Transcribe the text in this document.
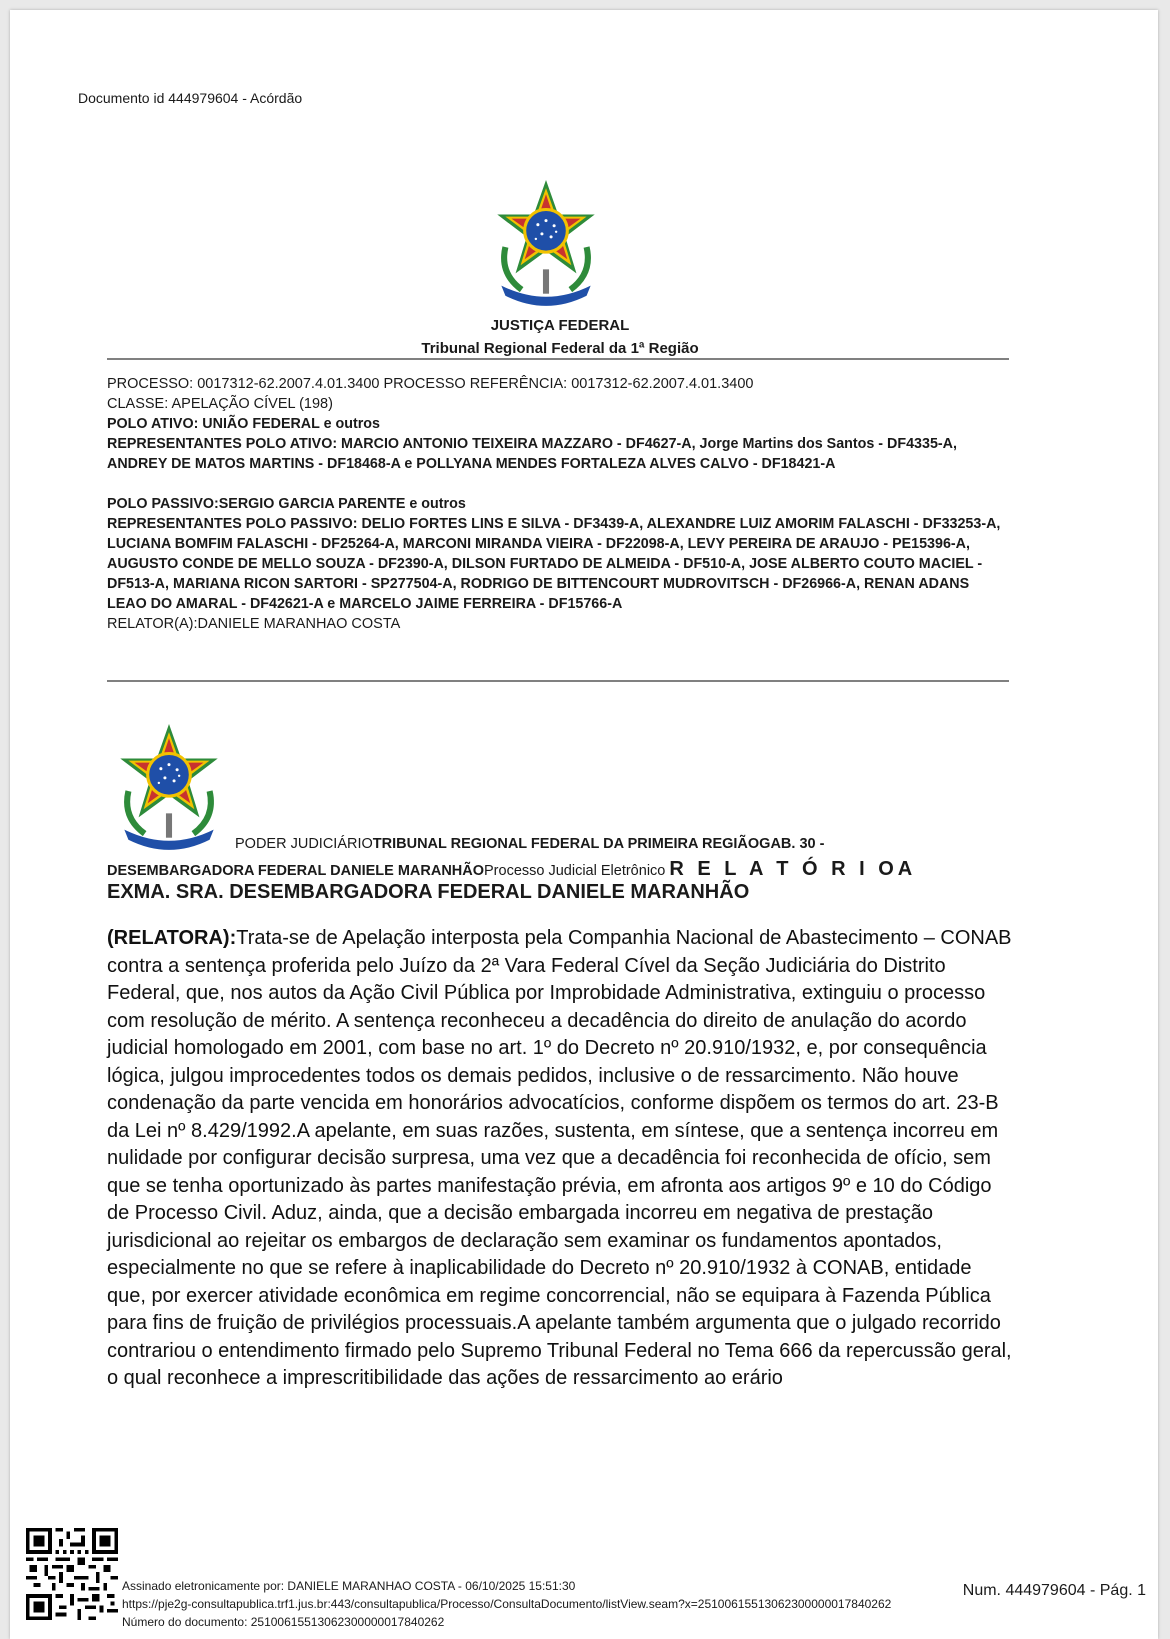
Documento id 444979604 - Acórdão
JUSTIÇA FEDERAL
Tribunal Regional Federal da 1ª Região
PROCESSO: 0017312-62.2007.4.01.3400 PROCESSO REFERÊNCIA: 0017312-62.2007.4.01.3400
CLASSE: APELAÇÃO CÍVEL (198)
POLO ATIVO: UNIÃO FEDERAL e outros
REPRESENTANTES POLO ATIVO: MARCIO ANTONIO TEIXEIRA MAZZARO - DF4627-A, Jorge Martins dos Santos - DF4335-A, ANDREY DE MATOS MARTINS - DF18468-A e POLLYANA MENDES FORTALEZA ALVES CALVO - DF18421-A
POLO PASSIVO:SERGIO GARCIA PARENTE e outros
REPRESENTANTES POLO PASSIVO: DELIO FORTES LINS E SILVA - DF3439-A, ALEXANDRE LUIZ AMORIM FALASCHI - DF33253-A, LUCIANA BOMFIM FALASCHI - DF25264-A, MARCONI MIRANDA VIEIRA - DF22098-A, LEVY PEREIRA DE ARAUJO - PE15396-A, AUGUSTO CONDE DE MELLO SOUZA - DF2390-A, DILSON FURTADO DE ALMEIDA - DF510-A, JOSE ALBERTO COUTO MACIEL - DF513-A, MARIANA RICON SARTORI - SP277504-A, RODRIGO DE BITTENCOURT MUDROVITSCH - DF26966-A, RENAN ADANS LEAO DO AMARAL - DF42621-A e MARCELO JAIME FERREIRA - DF15766-A
RELATOR(A):DANIELE MARANHAO COSTA
PODER JUDICIÁRIOTRIBUNAL REGIONAL FEDERAL DA PRIMEIRA REGIÃOGAB. 30 -
DESEMBARGADORA FEDERAL DANIELE MARANHÃOProcesso Judicial Eletrônico R E L A T Ó R I OA
EXMA. SRA. DESEMBARGADORA FEDERAL DANIELE MARANHÃO
(RELATORA):Trata-se de Apelação interposta pela Companhia Nacional de Abastecimento – CONAB contra a sentença proferida pelo Juízo da 2ª Vara Federal Cível da Seção Judiciária do Distrito Federal, que, nos autos da Ação Civil Pública por Improbidade Administrativa, extinguiu o processo com resolução de mérito. A sentença reconheceu a decadência do direito de anulação do acordo judicial homologado em 2001, com base no art. 1º do Decreto nº 20.910/1932, e, por consequência lógica, julgou improcedentes todos os demais pedidos, inclusive o de ressarcimento. Não houve condenação da parte vencida em honorários advocatícios, conforme dispõem os termos do art. 23-B da Lei nº 8.429/1992.A apelante, em suas razões, sustenta, em síntese, que a sentença incorreu em nulidade por configurar decisão surpresa, uma vez que a decadência foi reconhecida de ofício, sem que se tenha oportunizado às partes manifestação prévia, em afronta aos artigos 9º e 10 do Código de Processo Civil. Aduz, ainda, que a decisão embargada incorreu em negativa de prestação jurisdicional ao rejeitar os embargos de declaração sem examinar os fundamentos apontados, especialmente no que se refere à inaplicabilidade do Decreto nº 20.910/1932 à CONAB, entidade que, por exercer atividade econômica em regime concorrencial, não se equipara à Fazenda Pública para fins de fruição de privilégios processuais.A apelante também argumenta que o julgado recorrido contrariou o entendimento firmado pelo Supremo Tribunal Federal no Tema 666 da repercussão geral, o qual reconhece a imprescritibilidade das ações de ressarcimento ao erário
Assinado eletronicamente por: DANIELE MARANHAO COSTA - 06/10/2025 15:51:30
https://pje2g-consultapublica.trf1.jus.br:443/consultapublica/Processo/ConsultaDocumento/listView.seam?x=25100615513062300000017840262
Número do documento: 25100615513062300000017840262
Num. 444979604 - Pág. 1
